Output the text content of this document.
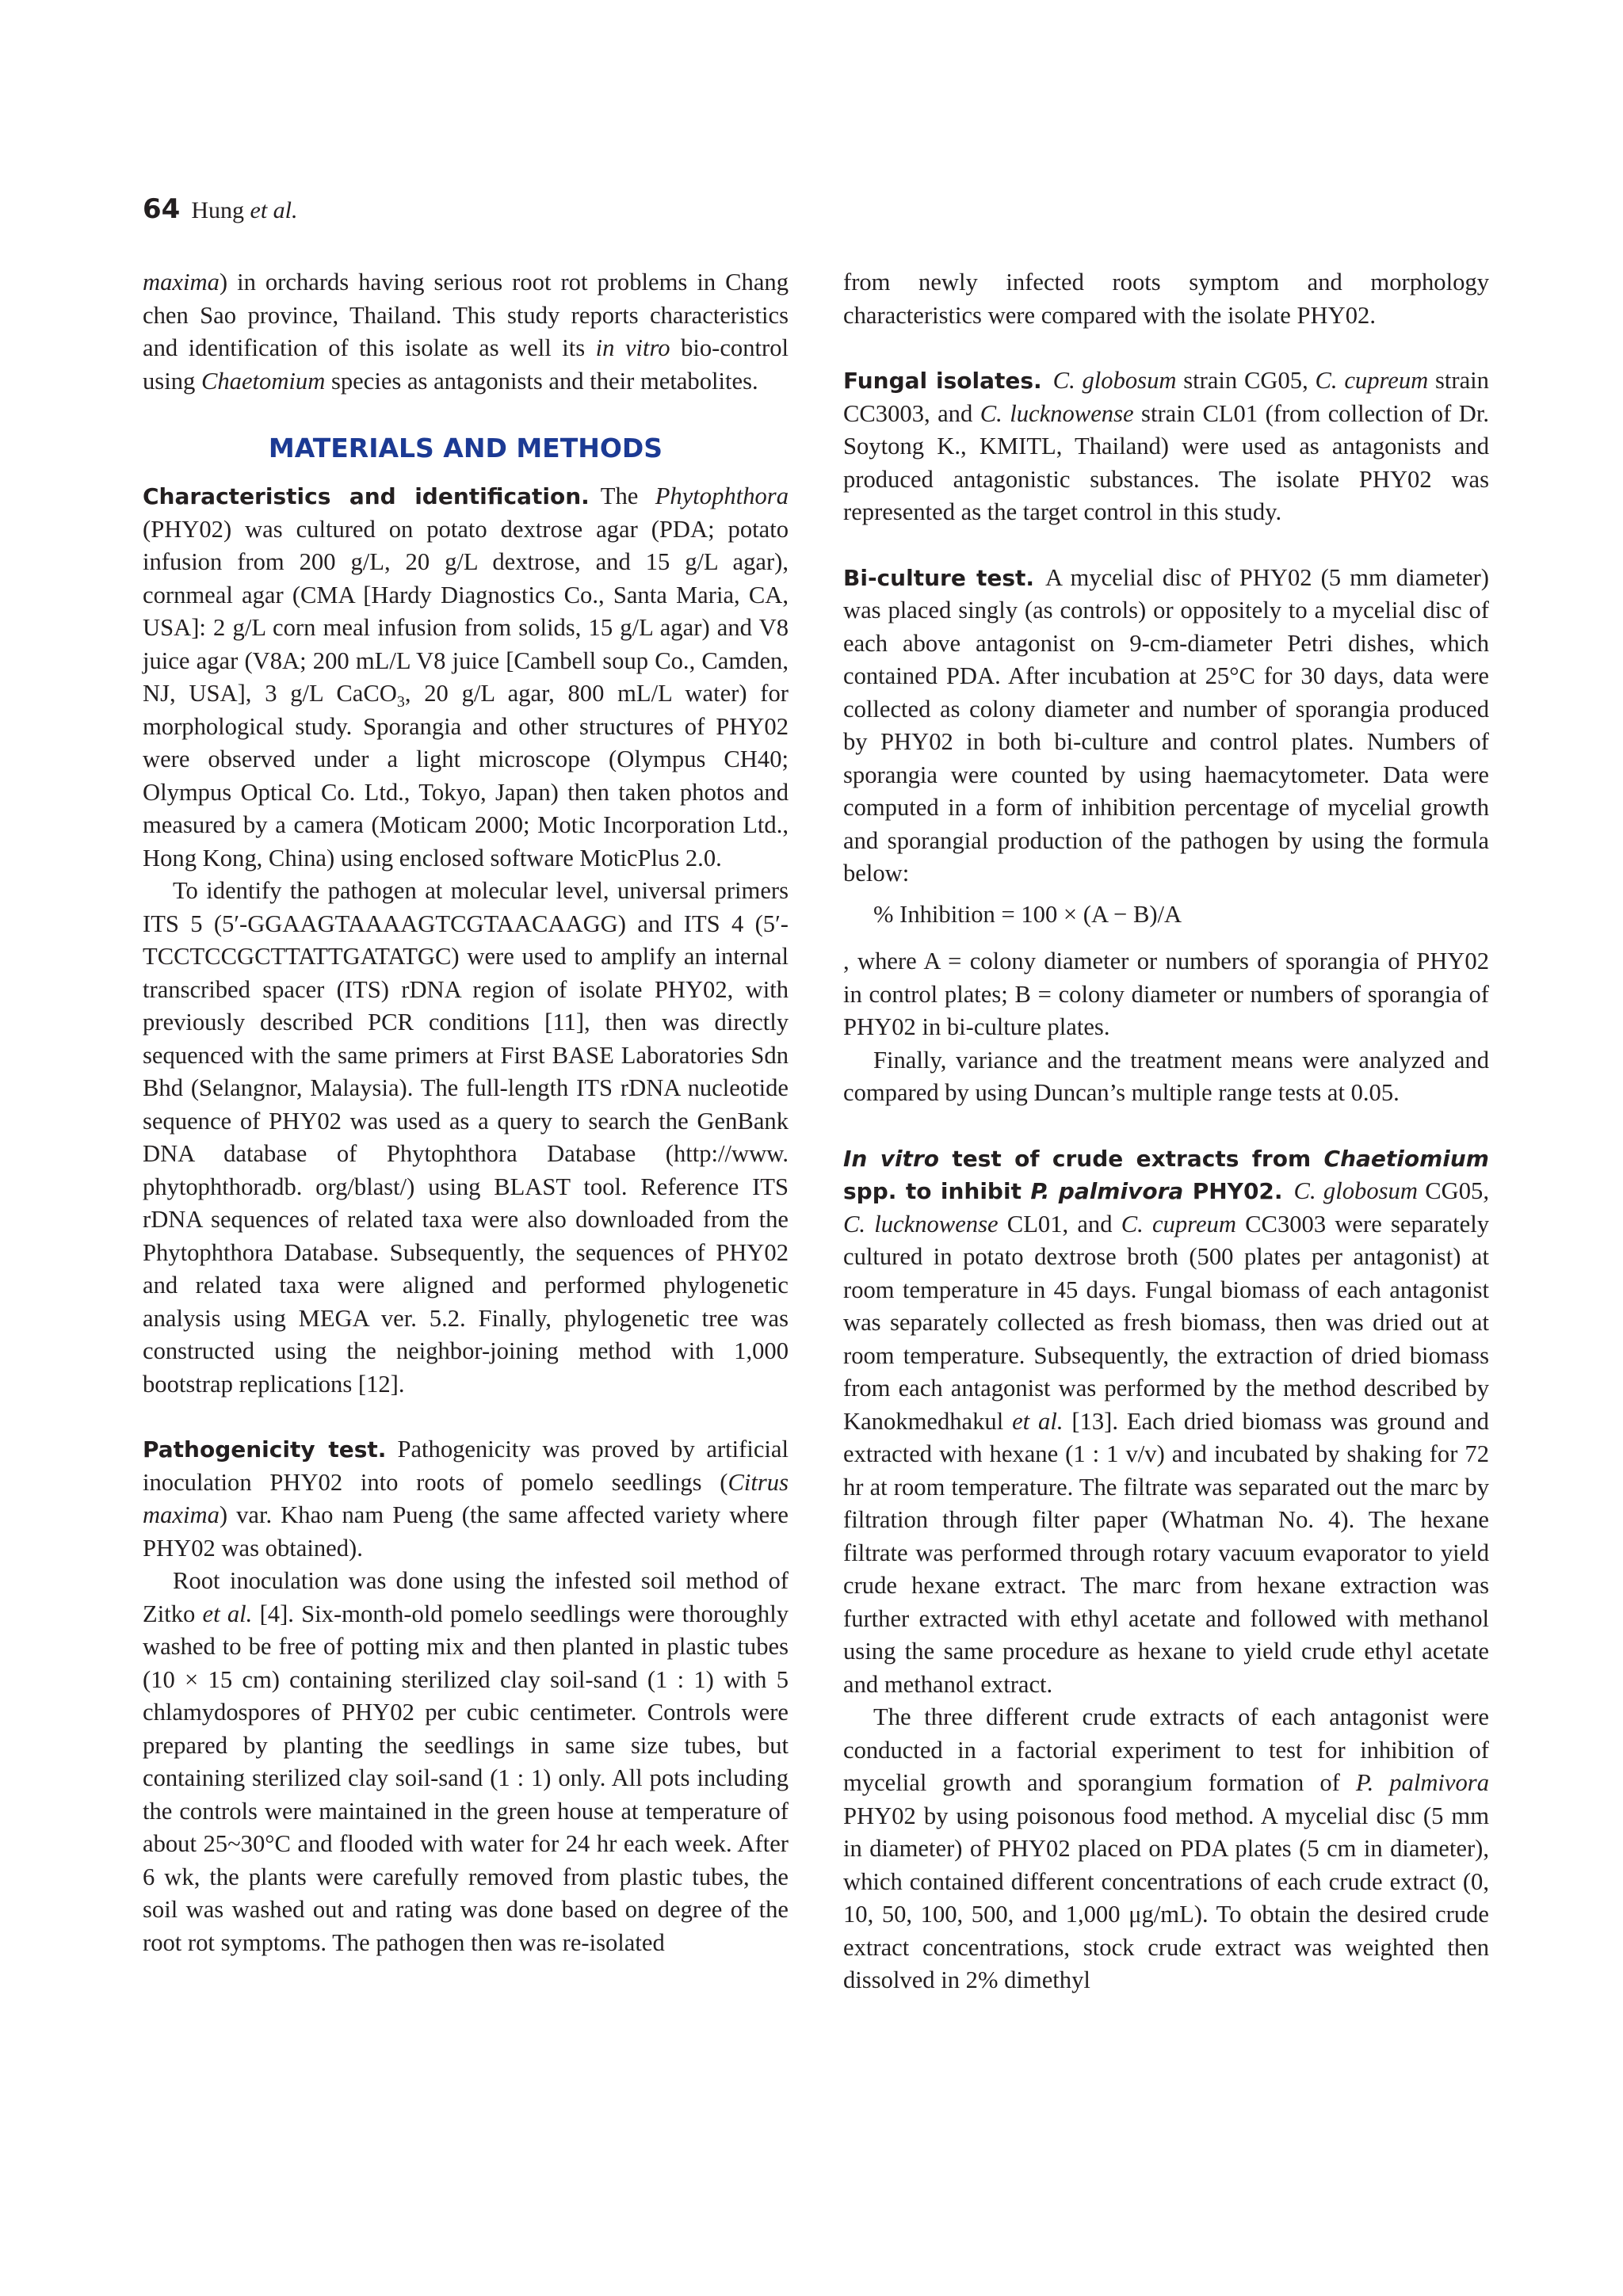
64 Hung et al.

maxima) in orchards having serious root rot problems in Chang chen Sao province, Thailand. This study reports characteristics and identification of this isolate as well its in vitro bio-control using Chaetomium species as antagonists and their metabolites.

MATERIALS AND METHODS

Characteristics and identification. The Phytophthora (PHY02) was cultured on potato dextrose agar (PDA; potato infusion from 200 g/L, 20 g/L dextrose, and 15 g/L agar), cornmeal agar (CMA [Hardy Diagnostics Co., Santa Maria, CA, USA]: 2 g/L corn meal infusion from solids, 15 g/L agar) and V8 juice agar (V8A; 200 mL/L V8 juice [Cambell soup Co., Camden, NJ, USA], 3 g/L CaCO$_3$, 20 g/L agar, 800 mL/L water) for morphological study. Sporangia and other structures of PHY02 were observed under a light microscope (Olympus CH40; Olympus Optical Co. Ltd., Tokyo, Japan) then taken photos and measured by a camera (Moticam 2000; Motic Incorporation Ltd., Hong Kong, China) using enclosed software MoticPlus 2.0.

To identify the pathogen at molecular level, universal primers ITS 5 (5′-GGAAGTAAAAGTCGTAACAAGG) and ITS 4 (5′-TCCTCCGCTTATTGATATGC) were used to amplify an internal transcribed spacer (ITS) rDNA region of isolate PHY02, with previously described PCR conditions [11], then was directly sequenced with the same primers at First BASE Laboratories Sdn Bhd (Selangnor, Malaysia). The full-length ITS rDNA nucleotide sequence of PHY02 was used as a query to search the GenBank DNA database of Phytophthora Database (http://www. phytophthoradb. org/blast/) using BLAST tool. Reference ITS rDNA sequences of related taxa were also downloaded from the Phytophthora Database. Subsequently, the sequences of PHY02 and related taxa were aligned and performed phylogenetic analysis using MEGA ver. 5.2. Finally, phylogenetic tree was constructed using the neighbor-joining method with 1,000 bootstrap replications [12].

Pathogenicity test. Pathogenicity was proved by artificial inoculation PHY02 into roots of pomelo seedlings (Citrus maxima) var. Khao nam Pueng (the same affected variety where PHY02 was obtained).

Root inoculation was done using the infested soil method of Zitko et al. [4]. Six-month-old pomelo seedlings were thoroughly washed to be free of potting mix and then planted in plastic tubes (10 × 15 cm) containing sterilized clay soil-sand (1 : 1) with 5 chlamydospores of PHY02 per cubic centimeter. Controls were prepared by planting the seedlings in same size tubes, but containing sterilized clay soil-sand (1 : 1) only. All pots including the controls were maintained in the green house at temperature of about 25~30°C and flooded with water for 24 hr each week. After 6 wk, the plants were carefully removed from plastic tubes, the soil was washed out and rating was done based on degree of the root rot symptoms. The pathogen then was re-isolated

from newly infected roots symptom and morphology characteristics were compared with the isolate PHY02.

Fungal isolates. C. globosum strain CG05, C. cupreum strain CC3003, and C. lucknowense strain CL01 (from collection of Dr. Soytong K., KMITL, Thailand) were used as antagonists and produced antagonistic substances. The isolate PHY02 was represented as the target control in this study.

Bi-culture test. A mycelial disc of PHY02 (5 mm diameter) was placed singly (as controls) or oppositely to a mycelial disc of each above antagonist on 9-cm-diameter Petri dishes, which contained PDA. After incubation at 25°C for 30 days, data were collected as colony diameter and number of sporangia produced by PHY02 in both bi-culture and control plates. Numbers of sporangia were counted by using haemacytometer. Data were computed in a form of inhibition percentage of mycelial growth and sporangial production of the pathogen by using the formula below:

% Inhibition = 100 × (A − B)/A

, where A = colony diameter or numbers of sporangia of PHY02 in control plates; B = colony diameter or numbers of sporangia of PHY02 in bi-culture plates.

Finally, variance and the treatment means were analyzed and compared by using Duncan’s multiple range tests at 0.05.

In vitro test of crude extracts from Chaetiomium spp. to inhibit P. palmivora PHY02. C. globosum CG05, C. lucknowense CL01, and C. cupreum CC3003 were separately cultured in potato dextrose broth (500 plates per antagonist) at room temperature in 45 days. Fungal biomass of each antagonist was separately collected as fresh biomass, then was dried out at room temperature. Subsequently, the extraction of dried biomass from each antagonist was performed by the method described by Kanokmedhakul et al. [13]. Each dried biomass was ground and extracted with hexane (1 : 1 v/v) and incubated by shaking for 72 hr at room temperature. The filtrate was separated out the marc by filtration through filter paper (Whatman No. 4). The hexane filtrate was performed through rotary vacuum evaporator to yield crude hexane extract. The marc from hexane extraction was further extracted with ethyl acetate and followed with methanol using the same procedure as hexane to yield crude ethyl acetate and methanol extract.

The three different crude extracts of each antagonist were conducted in a factorial experiment to test for inhibition of mycelial growth and sporangium formation of P. palmivora PHY02 by using poisonous food method. A mycelial disc (5 mm in diameter) of PHY02 placed on PDA plates (5 cm in diameter), which contained different concentrations of each crude extract (0, 10, 50, 100, 500, and 1,000 μg/mL). To obtain the desired crude extract concentrations, stock crude extract was weighted then dissolved in 2% dimethyl
